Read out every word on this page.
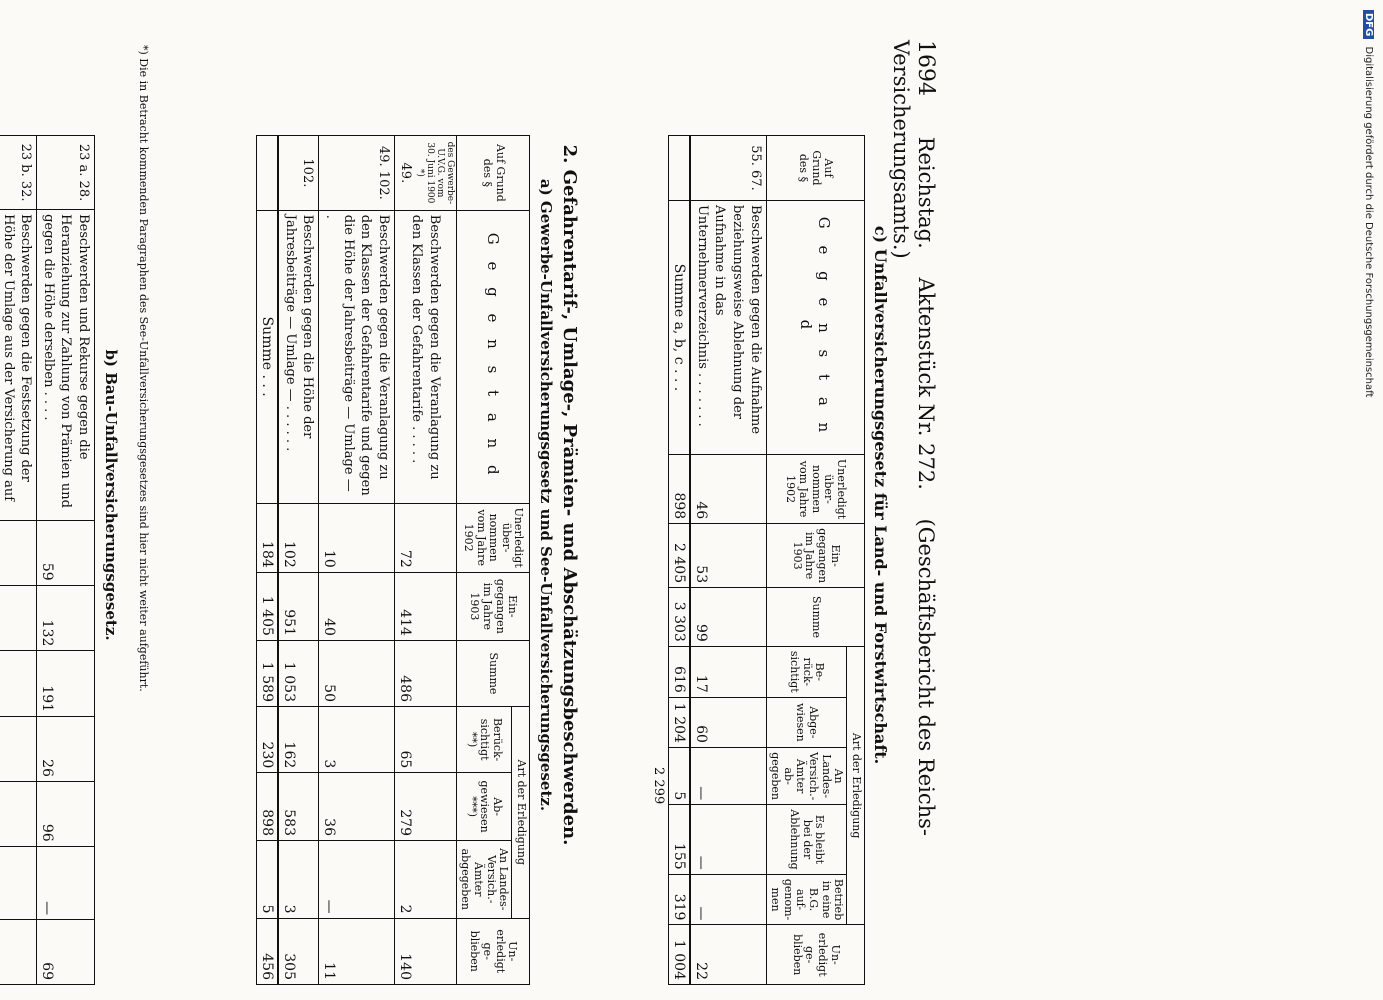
1694 Reichstag. Aktenstück Nr. 272. (Geschäftsbericht des Reichs-Versicherungsamts.)
c) Unfallversicherungsgesetz für Land- und Forstwirtschaft.
Auf Grund des §	G e g e n s t a n d	Unerledigt über-nommen vom Jahre 1902	Ein-gegangen im Jahre 1903	Summe	Art der Erledigung					Un-erledigt ge-blieben
					Be-rück-sichtigt	Abge-wiesen	An Landes-Versich.-Ämter ab-gegeben	Es bleibt bei der Ablehnung	Betrieb in eine B.G. auf-genom-men	
55. 67.	Beschwerden gegen die Aufnahme beziehungsweise Ablehnung der Aufnahme in das Unternehmerverzeichnis . . . . . . .	46	53	99	17	60	—	—	—	22
	Summe a, b, c . . .	898	2 405	3 303	616	1 204	5	155	319	1 004
					2 299					
2. Gefahrentarif-, Umlage-, Prämien- und Abschätzungsbeschwerden.
a) Gewerbe-Unfallversicherungsgesetz und See-Unfallversicherungsgesetz.
Auf Grund des §	G e g e n s t a n d	Unerledigt über-nommen vom Jahre 1902	Ein-gegangen im Jahre 1903	Summe	Art der Erledigung			Un-erledigt ge-blieben
					Berück-sichtigt **)	Ab-gewiesen ***)	An Landes-Versich.-Ämter abgegeben	

des Gewerbe-U.V.G. vom 30. Juni 1900 *)
49.	Beschwerden gegen die Veranlagung zu den Klassen der Gefahrentarife . . . . .	72	414	486	65	279	2	140
49. 102.	Beschwerden gegen die Veranlagung zu den Klassen der Gefahrentarife und gegen die Höhe der Jahresbeiträge — Umlage — .	10	40	50	3	36	—	11
102.	Beschwerden gegen die Höhe der Jahresbeiträge — Umlage — . . . . . .	102	951	1 053	162	583	3	305
	Summe . . .	184	1 405	1 589	230	898	5	456
*) Die in Betracht kommenden Paragraphen des See-Unfallversicherungsgesetzes sind hier nicht weiter aufgeführt.
b) Bau-Unfallversicherungsgesetz.
23 a. 28.	Beschwerden und Rekurse gegen die Heranziehung zur Zahlung von Prämien und gegen die Höhe derselben . . . .	59	132	191	26	96	—	69
23 b. 32.	Beschwerden gegen die Festsetzung der Höhe der Umlage aus der Versicherung auf							

DFG Digitalisierung gefördert durch die Deutsche Forschungsgemeinschaft
